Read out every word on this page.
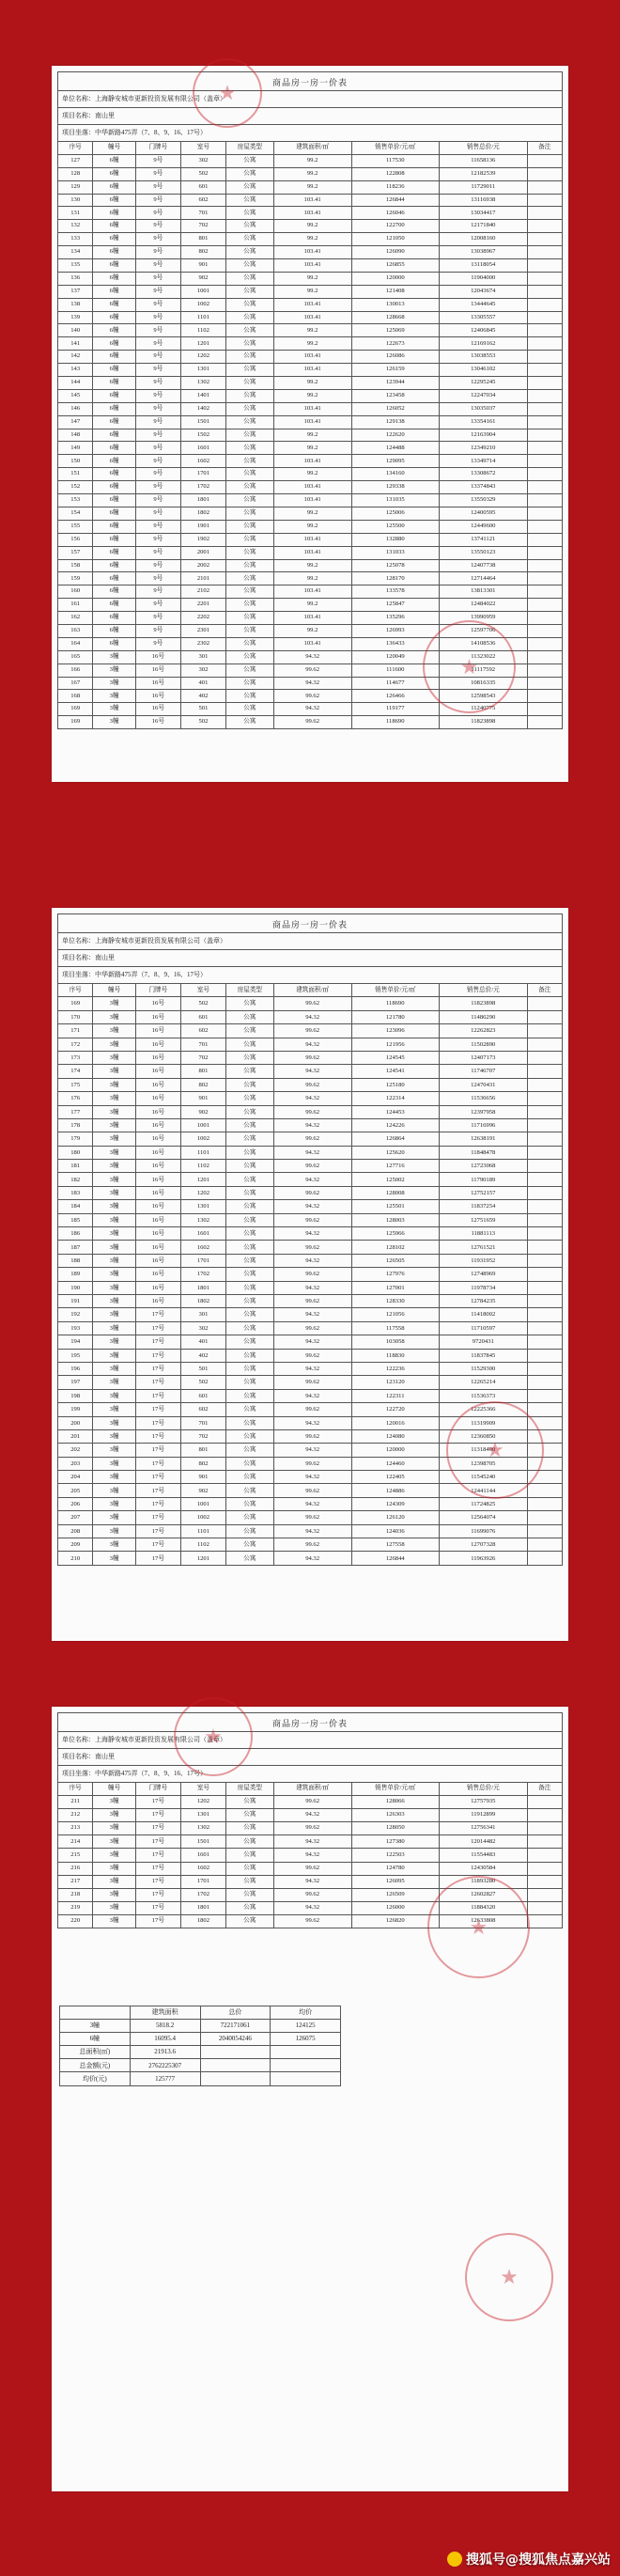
商品房一房一价表
单位名称：上海静安城市更新投资发展有限公司（盖章）
项目名称：南山里
项目坐落：中华新路475弄（7、8、9、16、17号）
序号	幢号	门牌号	室号	房屋类型	建筑面积/㎡	销售单价/元/㎡	销售总价/元	备注
127	6幢	9号	302	公寓	99.2	117530	11658136	
128	6幢	9号	502	公寓	99.2	122808	12182539	
129	6幢	9号	601	公寓	99.2	118236	11729011	
130	6幢	9号	602	公寓	103.41	126844	13116938	
131	6幢	9号	701	公寓	103.41	126046	13034417	
132	6幢	9号	702	公寓	99.2	122700	12171840	
133	6幢	9号	801	公寓	99.2	121050	12008160	
134	6幢	9号	802	公寓	103.41	126090	13038967	
135	6幢	9号	901	公寓	103.41	126855	13118054	
136	6幢	9号	902	公寓	99.2	120000	11904000	
137	6幢	9号	1001	公寓	99.2	121408	12043674	
138	6幢	9号	1002	公寓	103.41	130013	13444645	
139	6幢	9号	1101	公寓	103.41	128668	13305557	
140	6幢	9号	1102	公寓	99.2	125069	12406845	
141	6幢	9号	1201	公寓	99.2	122673	12169162	
142	6幢	9号	1202	公寓	103.41	126086	13038553	
143	6幢	9号	1301	公寓	103.41	126159	13046102	
144	6幢	9号	1302	公寓	99.2	123944	12295245	
145	6幢	9号	1401	公寓	99.2	123458	12247034	
146	6幢	9号	1402	公寓	103.41	126052	13035037	
147	6幢	9号	1501	公寓	103.41	129138	13354161	
148	6幢	9号	1502	公寓	99.2	122620	12163904	
149	6幢	9号	1601	公寓	99.2	124488	12349210	
150	6幢	9号	1602	公寓	103.41	129095	13349714	
151	6幢	9号	1701	公寓	99.2	134160	13308672	
152	6幢	9号	1702	公寓	103.41	129338	13374843	
153	6幢	9号	1801	公寓	103.41	131035	13550329	
154	6幢	9号	1802	公寓	99.2	125006	12400595	
155	6幢	9号	1901	公寓	99.2	125500	12449600	
156	6幢	9号	1902	公寓	103.41	132880	13741121	
157	6幢	9号	2001	公寓	103.41	131033	13550123	
158	6幢	9号	2002	公寓	99.2	125078	12407738	
159	6幢	9号	2101	公寓	99.2	128170	12714464	
160	6幢	9号	2102	公寓	103.41	133578	13813301	
161	6幢	9号	2201	公寓	99.2	125847	12484022	
162	6幢	9号	2202	公寓	103.41	135296	13990959	
163	6幢	9号	2301	公寓	99.2	126993	12597706	
164	6幢	9号	2302	公寓	103.41	136433	14108536	
165	3幢	16号	301	公寓	94.32	120049	11323022	
166	3幢	16号	302	公寓	99.62	111600	11117592	
167	3幢	16号	401	公寓	94.32	114677	10816335	
168	3幢	16号	402	公寓	99.62	126466	12598543	
169	3幢	16号	501	公寓	94.32	119177	11240775	
169	3幢	16号	502	公寓	99.62	118690	11823898	
★
★
商品房一房一价表
单位名称：上海静安城市更新投资发展有限公司（盖章）
项目名称：南山里
项目坐落：中华新路475弄（7、8、9、16、17号）
序号	幢号	门牌号	室号	房屋类型	建筑面积/㎡	销售单价/元/㎡	销售总价/元	备注
169	3幢	16号	502	公寓	99.62	118690	11823898	
170	3幢	16号	601	公寓	94.32	121780	11486290	
171	3幢	16号	602	公寓	99.62	123096	12262823	
172	3幢	16号	701	公寓	94.32	121956	11502890	
173	3幢	16号	702	公寓	99.62	124545	12407173	
174	3幢	16号	801	公寓	94.32	124541	11746707	
175	3幢	16号	802	公寓	99.62	125180	12470431	
176	3幢	16号	901	公寓	94.32	122314	11536656	
177	3幢	16号	902	公寓	99.62	124453	12397958	
178	3幢	16号	1001	公寓	94.32	124226	11716996	
179	3幢	16号	1002	公寓	99.62	126864	12638191	
180	3幢	16号	1101	公寓	94.32	125620	11848478	
181	3幢	16号	1102	公寓	99.62	127716	12723068	
182	3幢	16号	1201	公寓	94.32	125002	11790189	
183	3幢	16号	1202	公寓	99.62	128008	12752157	
184	3幢	16号	1301	公寓	94.32	125501	11837254	
185	3幢	16号	1302	公寓	99.62	128003	12751659	
186	3幢	16号	1601	公寓	94.32	125966	11881113	
187	3幢	16号	1602	公寓	99.62	128102	12761521	
188	3幢	16号	1701	公寓	94.32	126505	11931952	
189	3幢	16号	1702	公寓	99.62	127976	12748969	
190	3幢	16号	1801	公寓	94.32	127001	11978734	
191	3幢	16号	1802	公寓	99.62	128330	12784235	
192	3幢	17号	301	公寓	94.32	121056	11418002	
193	3幢	17号	302	公寓	99.62	117558	11710597	
194	3幢	17号	401	公寓	94.32	103058	9720431	
195	3幢	17号	402	公寓	99.62	118830	11837845	
196	3幢	17号	501	公寓	94.32	122236	11529300	
197	3幢	17号	502	公寓	99.62	123120	12265214	
198	3幢	17号	601	公寓	94.32	122311	11536373	
199	3幢	17号	602	公寓	99.62	122720	12225366	
200	3幢	17号	701	公寓	94.32	120016	11319909	
201	3幢	17号	702	公寓	99.62	124080	12360850	
202	3幢	17号	801	公寓	94.32	120000	11318400	
203	3幢	17号	802	公寓	99.62	124460	12398705	
204	3幢	17号	901	公寓	94.32	122405	11545240	
205	3幢	17号	902	公寓	99.62	124886	12441144	
206	3幢	17号	1001	公寓	94.32	124309	11724825	
207	3幢	17号	1002	公寓	99.62	126120	12564074	
208	3幢	17号	1101	公寓	94.32	124036	11699076	
209	3幢	17号	1102	公寓	99.62	127558	12707328	
210	3幢	17号	1201	公寓	94.32	126844	11963926	
★
商品房一房一价表
单位名称：上海静安城市更新投资发展有限公司（盖章）
项目名称：南山里
项目坐落：中华新路475弄（7、8、9、16、17号）
序号	幢号	门牌号	室号	房屋类型	建筑面积/㎡	销售单价/元/㎡	销售总价/元	备注
211	3幢	17号	1202	公寓	99.62	128066	12757935	
212	3幢	17号	1301	公寓	94.32	126303	11912899	
213	3幢	17号	1302	公寓	99.62	128050	12756341	
214	3幢	17号	1501	公寓	94.32	127380	12014482	
215	3幢	17号	1601	公寓	94.32	122503	11554483	
216	3幢	17号	1602	公寓	99.62	124780	12430584	
217	3幢	17号	1701	公寓	94.32	126095	11893280	
218	3幢	17号	1702	公寓	99.62	126509	12602827	
219	3幢	17号	1801	公寓	94.32	126000	11884320	
220	3幢	17号	1802	公寓	99.62	126820	12633808	
	建筑面积	总价	均价
3幢	5818.2	722171061	124125
6幢	16095.4	2040054246	126075
总面积(㎡)	21913.6		
总金额(元)	2762225307		
均价(元)	125777		
★
★
★
搜狐号@搜狐焦点嘉兴站
